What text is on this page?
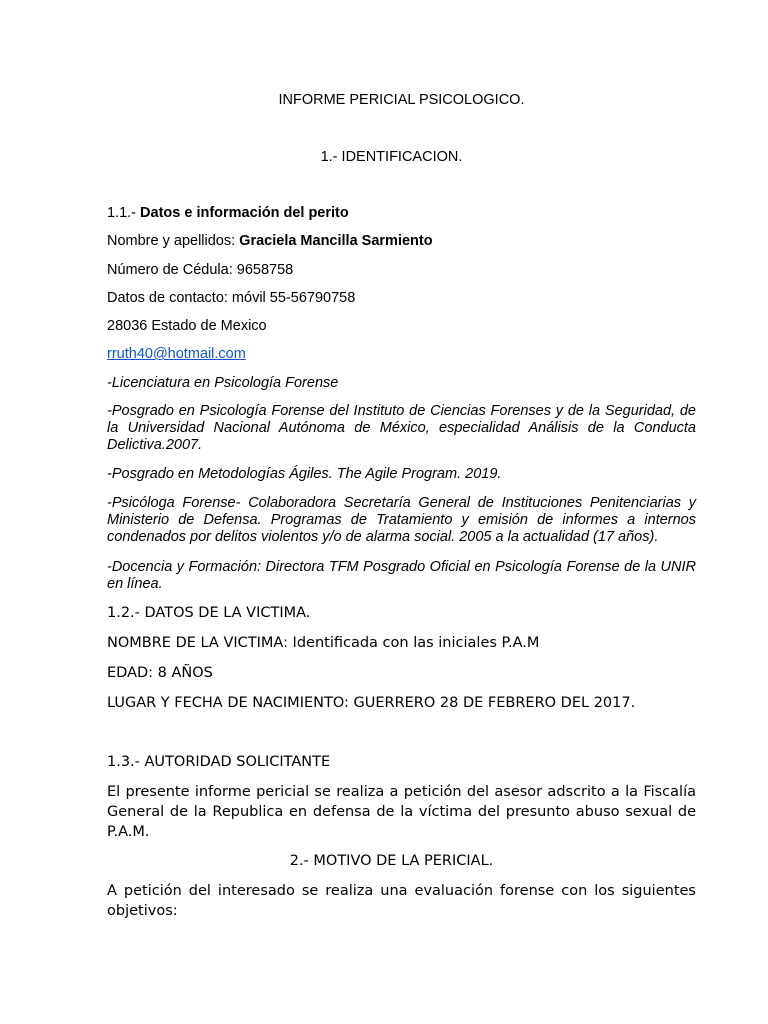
INFORME PERICIAL PSICOLOGICO.

1.- IDENTIFICACION.

1.1.- Datos e información del perito

Nombre y apellidos: Graciela Mancilla Sarmiento

Número de Cédula: 9658758

Datos de contacto: móvil 55-56790758

28036 Estado de Mexico

rruth40@hotmail.com

-Licenciatura en Psicología Forense

-Posgrado en Psicología Forense del Instituto de Ciencias Forenses y de la Seguridad, de la Universidad Nacional Autónoma de México, especialidad Análisis de la Conducta Delictiva.2007.

-Posgrado en Metodologías Ágiles. The Agile Program. 2019.

-Psicóloga Forense- Colaboradora Secretaría General de Instituciones Penitenciarias y Ministerio de Defensa. Programas de Tratamiento y emisión de informes a internos condenados por delitos violentos y/o de alarma social. 2005 a la actualidad (17 años).

-Docencia y Formación: Directora TFM Posgrado Oficial en Psicología Forense de la UNIR en línea.

1.2.- DATOS DE LA VICTIMA.

NOMBRE DE LA VICTIMA: Identificada con las iniciales P.A.M

EDAD: 8 AÑOS

LUGAR Y FECHA DE NACIMIENTO: GUERRERO 28 DE FEBRERO DEL 2017.

1.3.- AUTORIDAD SOLICITANTE

El presente informe pericial se realiza a petición del asesor adscrito a la Fiscalía General de la Republica en defensa de la víctima del presunto abuso sexual de P.A.M.

2.- MOTIVO DE LA PERICIAL.

A petición del interesado se realiza una evaluación forense con los siguientes objetivos:
